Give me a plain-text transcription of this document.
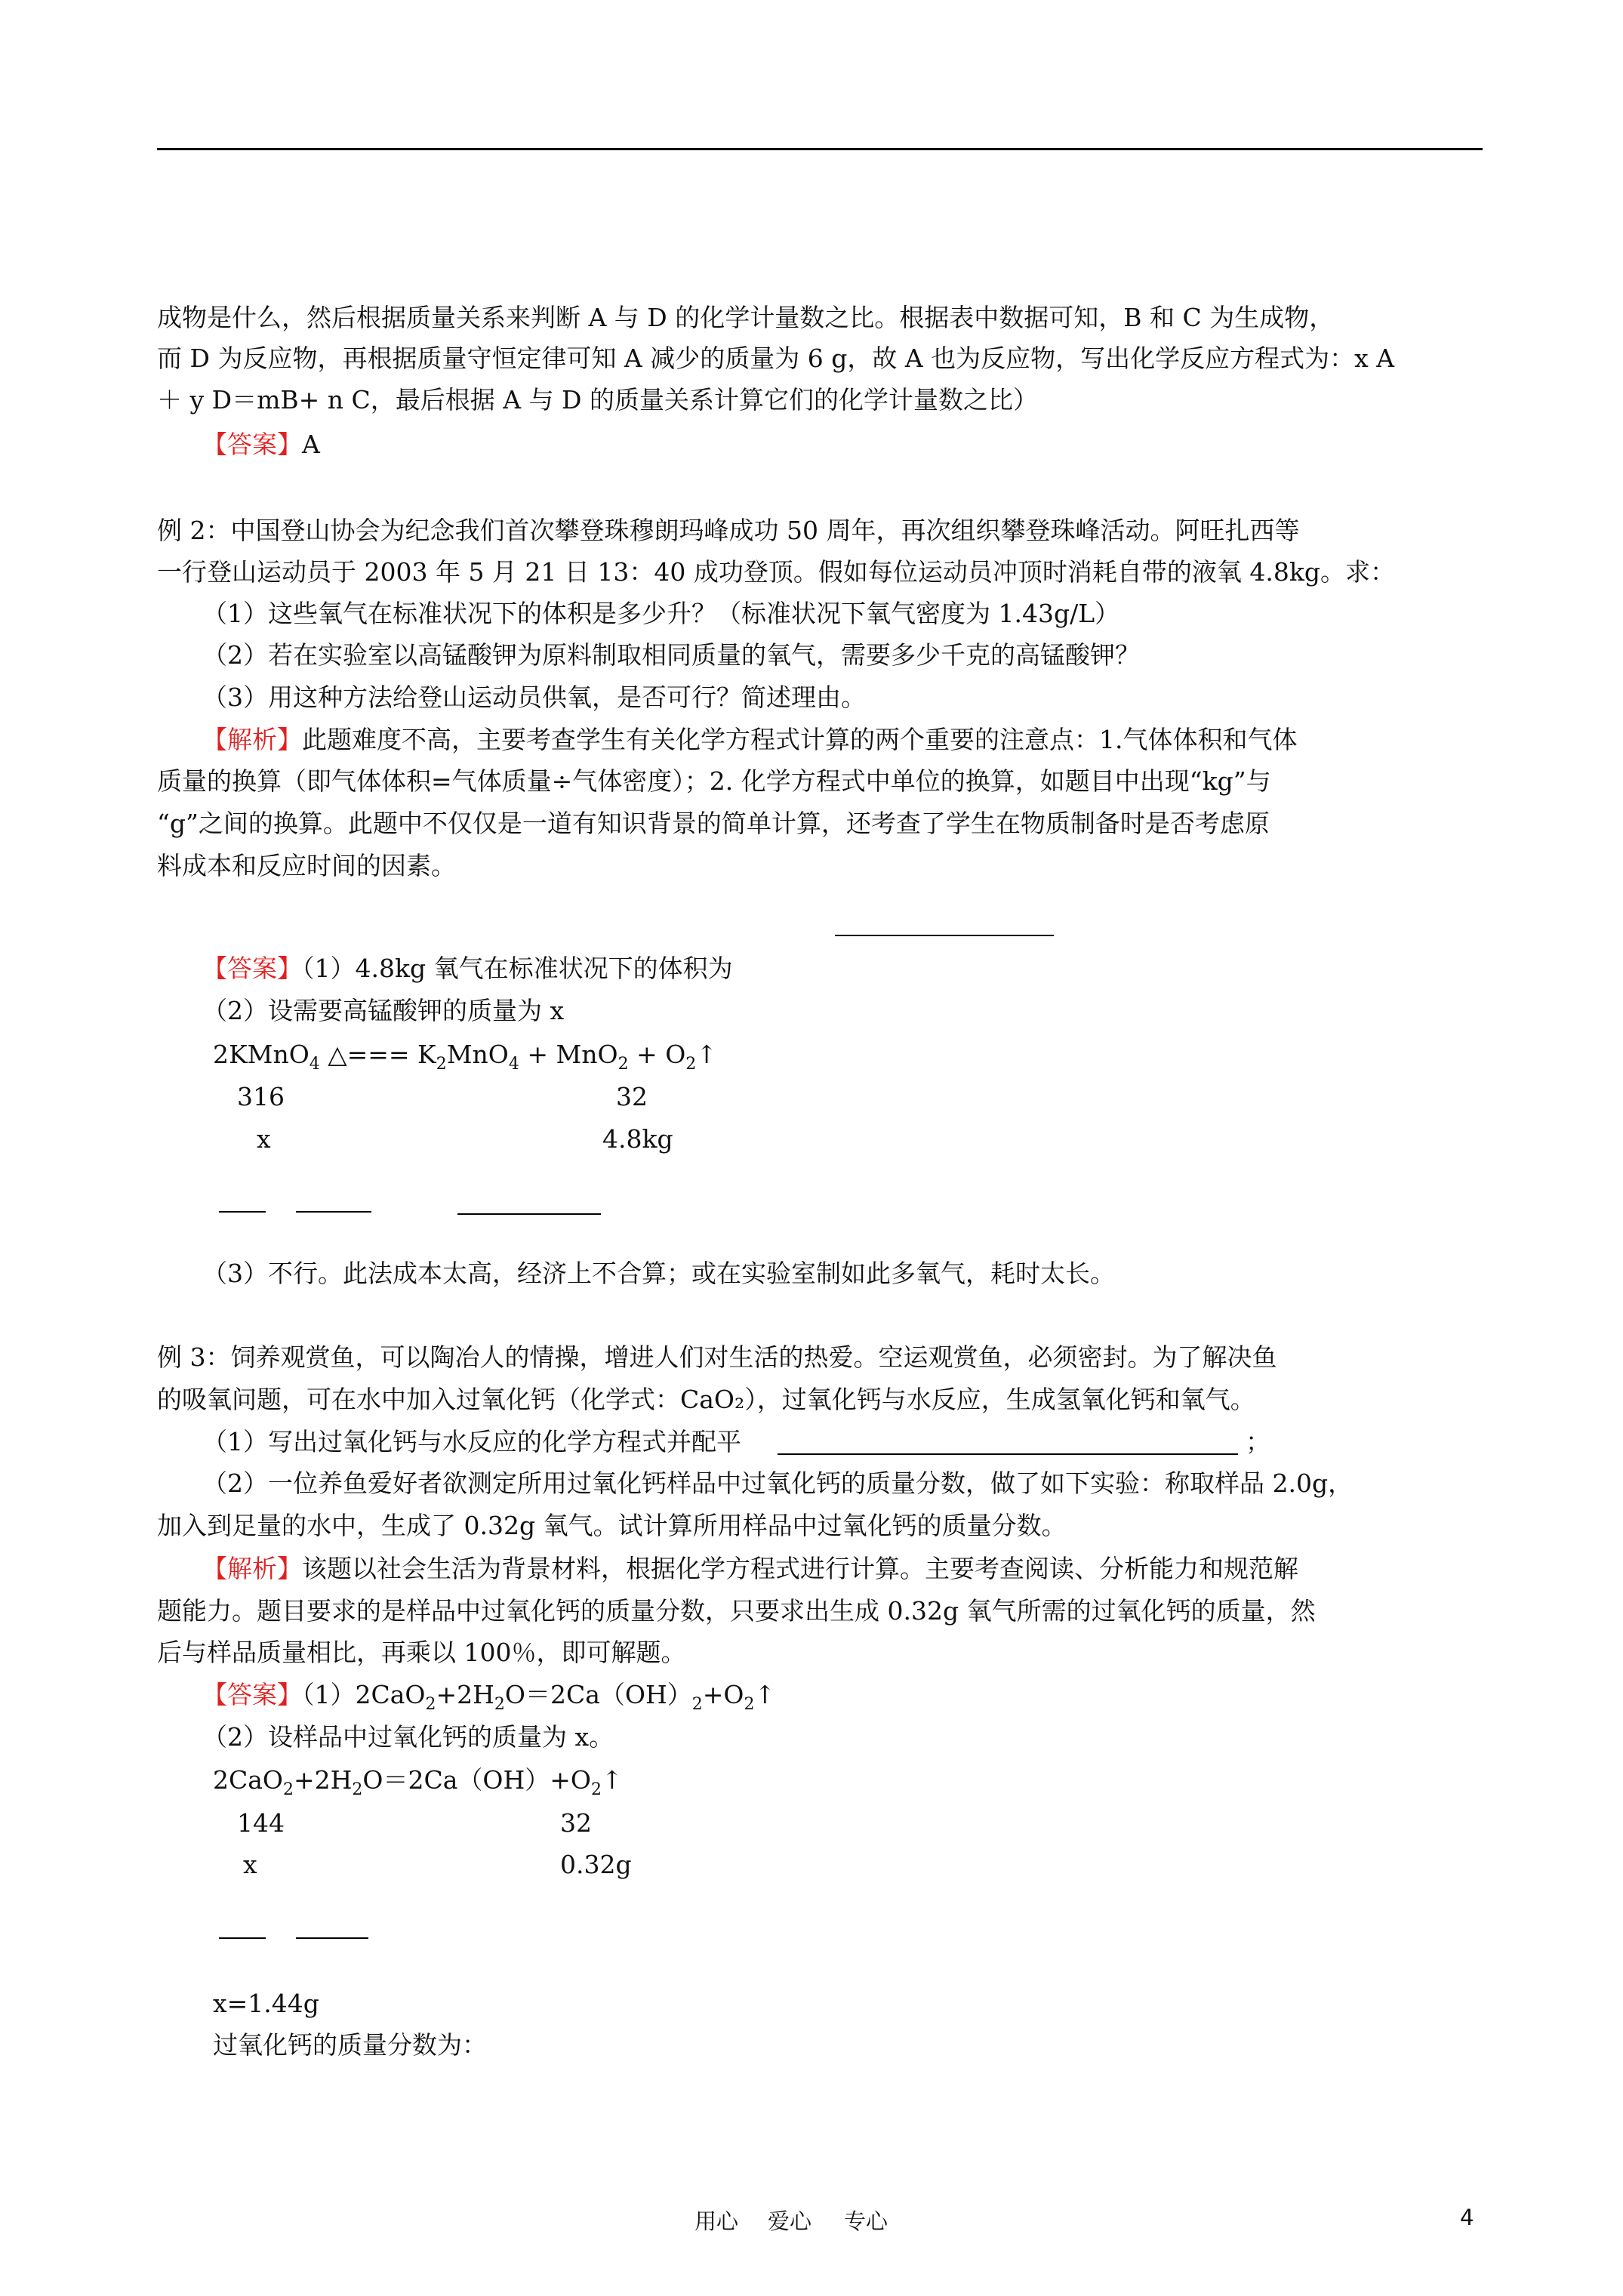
成物是什么，然后根据质量关系来判断 A 与 D 的化学计量数之比。根据表中数据可知，B 和 C 为生成物，
而 D 为反应物，再根据质量守恒定律可知 A 减少的质量为 6 g，故 A 也为反应物，写出化学反应方程式为：x A
＋ y D＝mB+ n C，最后根据 A 与 D 的质量关系计算它们的化学计量数之比）
【答案】A
例 2：中国登山协会为纪念我们首次攀登珠穆朗玛峰成功 50 周年，再次组织攀登珠峰活动。阿旺扎西等
一行登山运动员于 2003 年 5 月 21 日 13：40 成功登顶。假如每位运动员冲顶时消耗自带的液氧 4.8kg。求：
（1）这些氧气在标准状况下的体积是多少升？（标准状况下氧气密度为 1.43g/L）
（2）若在实验室以高锰酸钾为原料制取相同质量的氧气，需要多少千克的高锰酸钾？
（3）用这种方法给登山运动员供氧，是否可行？简述理由。
【解析】此题难度不高，主要考查学生有关化学方程式计算的两个重要的注意点：1.气体体积和气体
质量的换算（即气体体积=气体质量÷气体密度）；2. 化学方程式中单位的换算，如题目中出现“kg”与
“g”之间的换算。此题中不仅仅是一道有知识背景的简单计算，还考查了学生在物质制备时是否考虑原
料成本和反应时间的因素。
【答案】（1）4.8kg 氧气在标准状况下的体积为
（2）设需要高锰酸钾的质量为 x
2KMnO$_4$ △=== $K_2MnO_4 + MnO_2$ + $O_2↑$
316	32
x	4.8kg
（3）不行。此法成本太高，经济上不合算；或在实验室制如此多氧气，耗时太长。
例 3：饲养观赏鱼，可以陶冶人的情操，增进人们对生活的热爱。空运观赏鱼，必须密封。为了解决鱼
的吸氧问题，可在水中加入过氧化钙（化学式：CaO₂），过氧化钙与水反应，生成氢氧化钙和氧气。
（1）写出过氧化钙与水反应的化学方程式并配平	；
（2）一位养鱼爱好者欲测定所用过氧化钙样品中过氧化钙的质量分数，做了如下实验：称取样品 2.0g，
加入到足量的水中，生成了 0.32g 氧气。试计算所用样品中过氧化钙的质量分数。
【解析】该题以社会生活为背景材料，根据化学方程式进行计算。主要考查阅读、分析能力和规范解
题能力。题目要求的是样品中过氧化钙的质量分数，只要求出生成 0.32g 氧气所需的过氧化钙的质量，然
后与样品质量相比，再乘以 100％，即可解题。
【答案】$(1)2CaO_2+2H_2O=2Ca(OH)_2+O_2↑$
（2）设样品中过氧化钙的质量为 x。
$2CaO_2+2H_2O=2Ca(OH)+O_2↑$
144	32
x	0.32g
x=1.44g
过氧化钙的质量分数为：
用心 爱心 专心	4
